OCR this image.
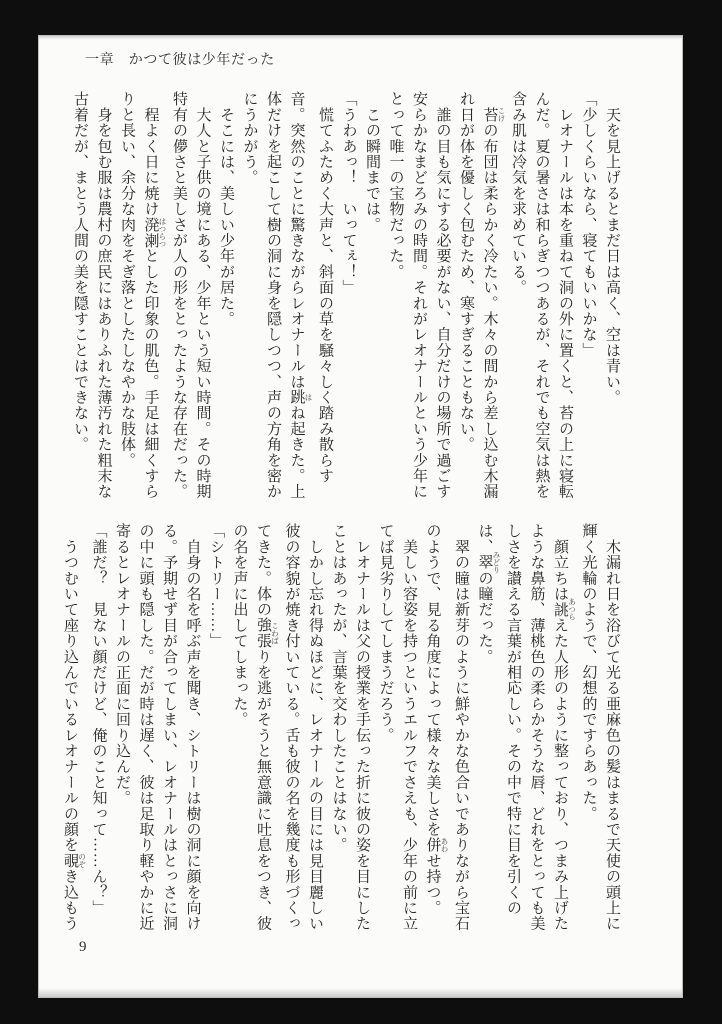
一章　かつて彼は少年だった
　天を見上げるとまだ日は高く、空は青い。
「少しくらいなら、寝てもいいかな」
　レオナールは本を重ねて洞の外に置くと、苔の上に寝転
んだ。夏の暑さは和らぎつつあるが、それでも空気は熱を
含み肌は冷気を求めている。
　苔 こけの布団は柔らかく冷たい。木々の間から差し込む木漏
れ日が体を優しく包むため、寒すぎることもない。
　誰の目も気にする必要がない、自分だけの場所で過ごす
安らかなまどろみの時間。それがレオナールという少年に
とって唯一の宝物だった。
　この瞬間までは。
「うわあっ！　いってぇ！」
　慌てふためく大声と、斜面の草を騒々しく踏み散らす
音。突然のことに驚きながらレオナールは跳 はね起きた。上
体だけを起こして樹の洞に身を隠しつつ、声の方角を密か
にうかがう。
　そこには、美しい少年が居た。
　大人と子供の境にある、少年という短い時間。その時期
特有の儚さと美しさが人の形をとったような存在だった。
　程よく日に焼け溌溂 はつらつとした印象の肌色。手足は細くすら
りと長い、余分な肉をそぎ落としたしなやかな肢体。
　身を包む服は農村の庶民にはありふれた薄汚れた粗末な
古着だが、まとう人間の美を隠すことはできない。
　木漏れ日を浴びて光る亜麻色の髪はまるで天使の頭上に
輝く光輪のようで、幻想的ですらあった。
　顔立ちは誂 あつらえた人形のように整っており、つまみ上げた
ような鼻筋、薄桃色の柔らかそうな唇、どれをとっても美
しさを讃える言葉が相応しい。その中で特に目を引くの
は、翠 みどりの瞳だった。
　翠の瞳は新芽のように鮮やかな色合いでありながら宝石
のようで、見る角度によって様々な美しさを併 あわせ持つ。
　美しい容姿を持つというエルフでさえも、少年の前に立
てば見劣りしてしまうだろう。
　レオナールは父の授業を手伝った折に彼の姿を目にした
ことはあったが、言葉を交わしたことはない。
　しかし忘れ得ぬほどに、レオナールの目には見目麗しい
彼の容貌が焼き付いている。舌も彼の名を幾度も形づくっ
てきた。体の強張 こわばりを逃がそうと無意識に吐息をつき、彼
の名を声に出してしまった。
「シトリー……」
　自身の名を呼ぶ声を聞き、シトリーは樹の洞に顔を向け
る。予期せず目が合ってしまい、レオナールはとっさに洞
の中に頭も隠した。だが時は遅く、彼は足取り軽やかに近
寄るとレオナールの正面に回り込んだ。
「誰だ？　見ない顔だけど、俺のこと知って……ん？」
　うつむいて座り込んでいるレオナールの顔を覗 のぞき込もう
9
